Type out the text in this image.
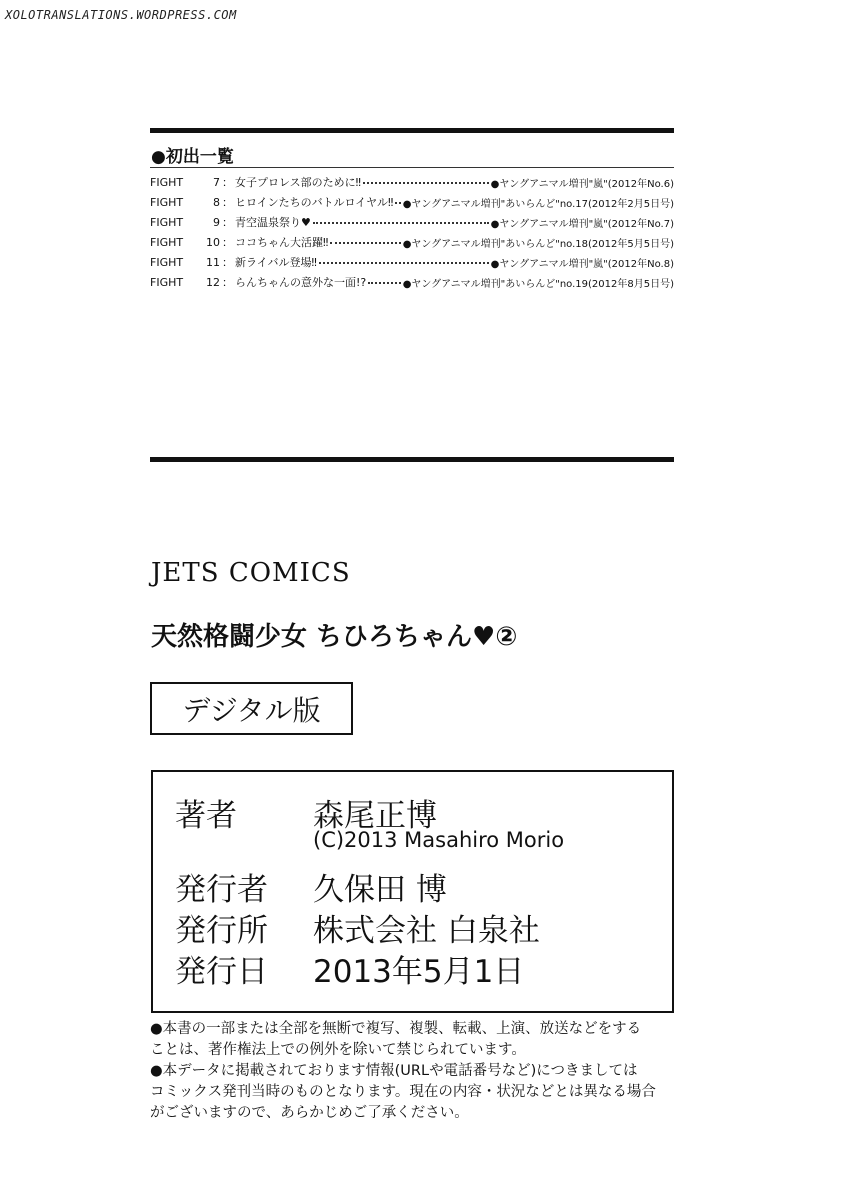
XOLOTRANSLATIONS.WORDPRESS.COM
●初出一覧
FIGHT	7 ： 女子プロレス部のために‼	●ヤングアニマル増刊"嵐"(2012年No.6)
FIGHT	8 ： ヒロインたちのバトルロイヤル‼ ●ヤングアニマル増刊"あいらんど"no.17(2012年2月5日号)
FIGHT	9 ： 青空温泉祭り♥	●ヤングアニマル増刊"嵐"(2012年No.7)
FIGHT	10 ： ココちゃん大活躍‼	●ヤングアニマル増刊"あいらんど"no.18(2012年5月5日号)
FIGHT	11 ： 新ライバル登場‼	●ヤングアニマル増刊"嵐"(2012年No.8)
FIGHT	12 ： らんちゃんの意外な一面!?	●ヤングアニマル増刊"あいらんど"no.19(2012年8月5日号)
JETS COMICS
天然格闘少女 ちひろちゃん♥②
デジタル版
著者 森尾正博
(C)2013 Masahiro Morio
発行者 久保田 博
発行所 株式会社 白泉社
発行日 2013年5月1日

●本書の一部または全部を無断で複写、複製、転載、上演、放送などをする
ことは、著作権法上での例外を除いて禁じられています。

●本データに掲載されております情報(URLや電話番号など)につきましては
コミックス発刊当時のものとなります。現在の内容・状況などとは異なる場合
がございますので、あらかじめご了承ください。
